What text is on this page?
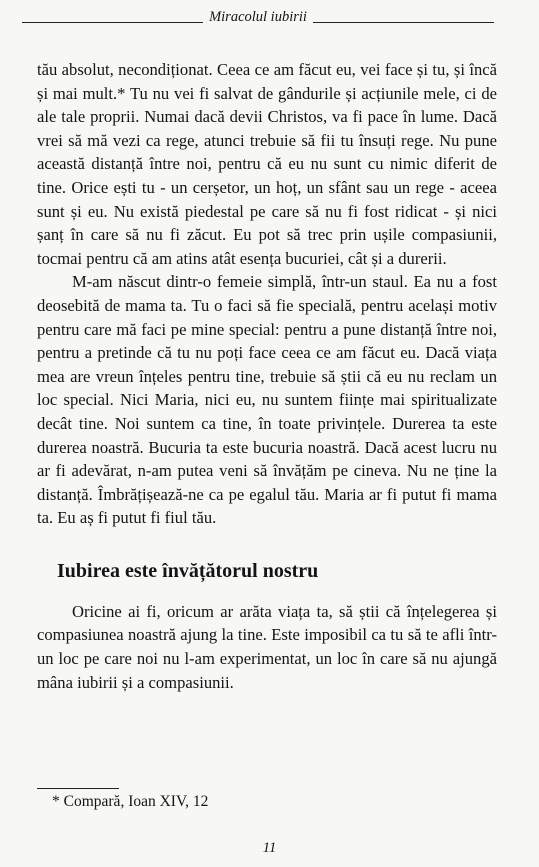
Miracolul iubirii

tău absolut, necondiționat. Ceea ce am făcut eu, vei face și tu, și încă și mai mult.* Tu nu vei fi salvat de gândurile și acțiunile mele, ci de ale tale proprii. Numai dacă devii Christos, va fi pace în lume. Dacă vrei să mă vezi ca rege, atunci trebuie să fii tu însuți rege. Nu pune această distanță între noi, pentru că eu nu sunt cu nimic diferit de tine. Orice ești tu - un cerșetor, un hoț, un sfânt sau un rege - aceea sunt și eu. Nu există piedestal pe care să nu fi fost ridicat - și nici șanț în care să nu fi zăcut. Eu pot să trec prin ușile compasiunii, tocmai pentru că am atins atât esența bucuriei, cât și a durerii.

M-am născut dintr-o femeie simplă, într-un staul. Ea nu a fost deosebită de mama ta. Tu o faci să fie specială, pentru același motiv pentru care mă faci pe mine special: pentru a pune distanță între noi, pentru a pretinde că tu nu poți face ceea ce am făcut eu. Dacă viața mea are vreun înțeles pentru tine, trebuie să știi că eu nu reclam un loc special. Nici Maria, nici eu, nu suntem ființe mai spiritualizate decât tine. Noi suntem ca tine, în toate privințele. Durerea ta este durerea noastră. Bucuria ta este bucuria noastră. Dacă acest lucru nu ar fi adevărat, n-am putea veni să învățăm pe cineva. Nu ne ține la distanță. Îmbrățișează-ne ca pe egalul tău. Maria ar fi putut fi mama ta. Eu aș fi putut fi fiul tău.

Iubirea este învățătorul nostru

Oricine ai fi, oricum ar arăta viața ta, să știi că înțelegerea și compasiunea noastră ajung la tine. Este imposibil ca tu să te afli într-un loc pe care noi nu l-am experimentat, un loc în care să nu ajungă mâna iubirii și a compasiunii.

* Compară, Ioan XIV, 12
11
